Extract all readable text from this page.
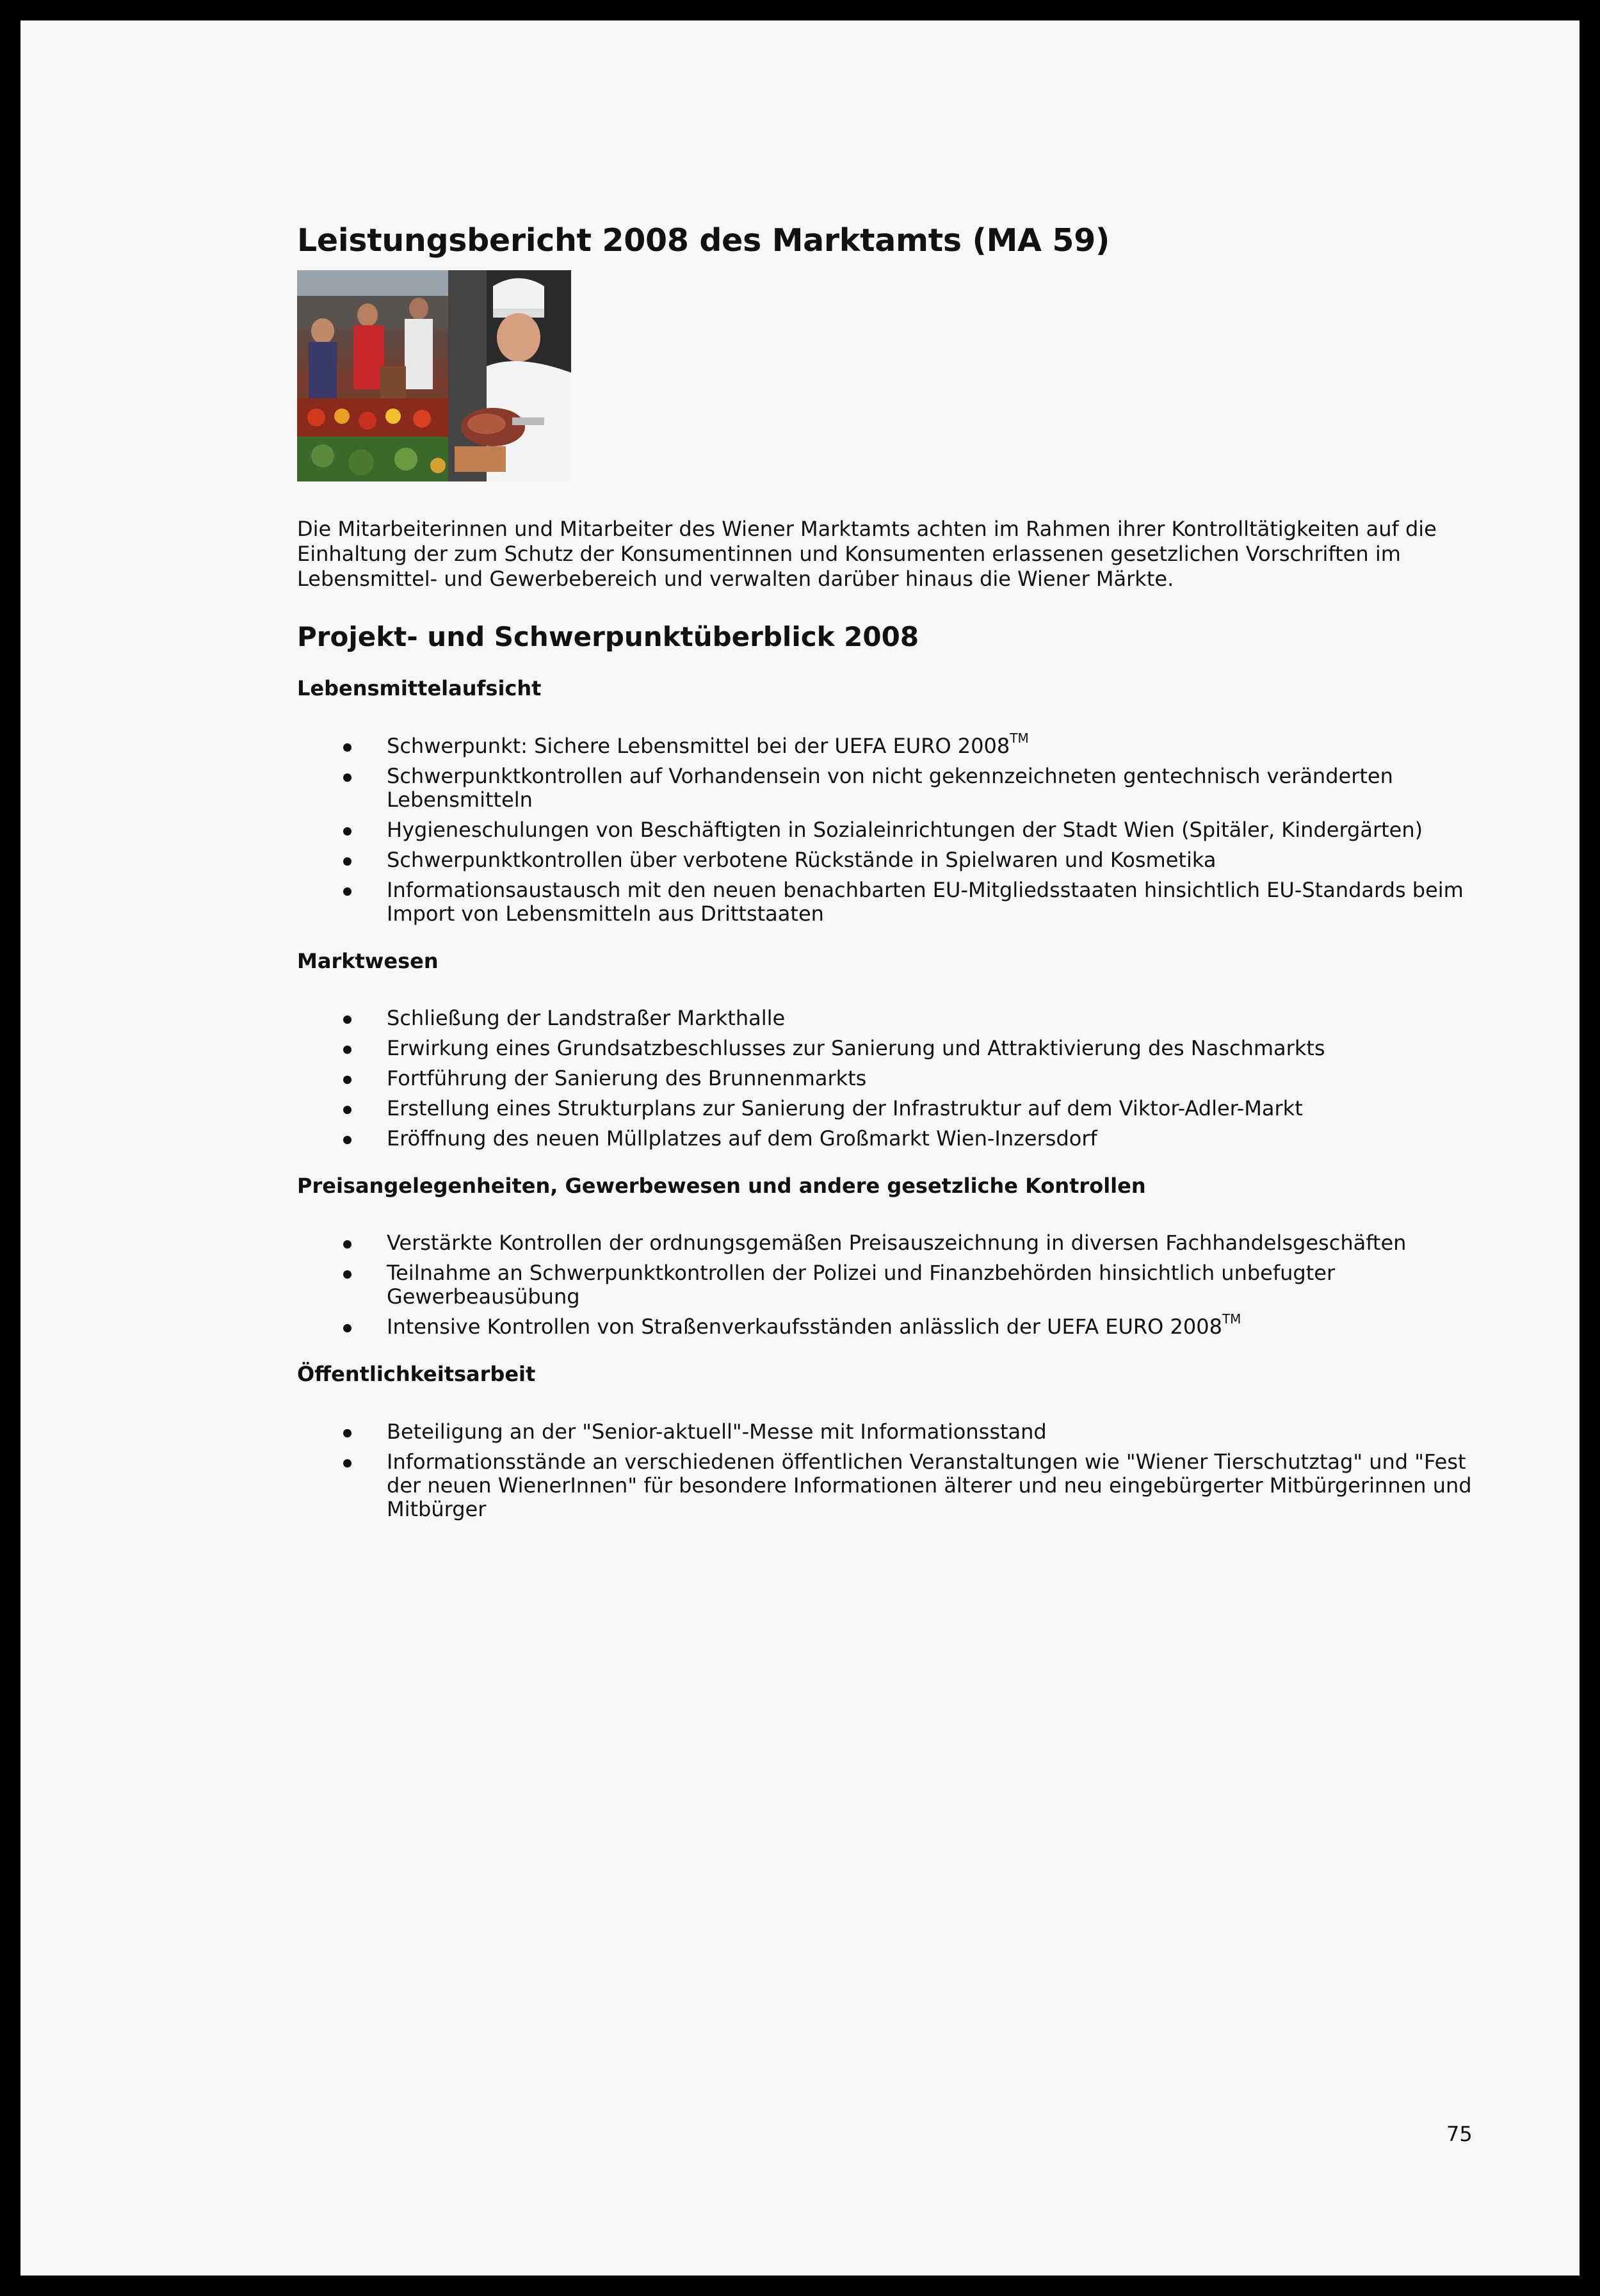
Leistungsbericht 2008 des Marktamts (MA 59)

Die Mitarbeiterinnen und Mitarbeiter des Wiener Marktamts achten im Rahmen ihrer Kontrolltätigkeiten auf die Einhaltung der zum Schutz der Konsumentinnen und Konsumenten erlassenen gesetzlichen Vorschriften im Lebensmittel- und Gewerbebereich und verwalten darüber hinaus die Wiener Märkte.

Projekt- und Schwerpunktüberblick 2008
Lebensmittelaufsicht
Schwerpunkt: Sichere Lebensmittel bei der UEFA EURO 2008™
Schwerpunktkontrollen auf Vorhandensein von nicht gekennzeichneten gentechnisch veränderten Lebensmitteln
Hygieneschulungen von Beschäftigten in Sozialeinrichtungen der Stadt Wien (Spitäler, Kindergärten)
Schwerpunktkontrollen über verbotene Rückstände in Spielwaren und Kosmetika
Informationsaustausch mit den neuen benachbarten EU-Mitgliedsstaaten hinsichtlich EU-Standards beim Import von Lebensmitteln aus Drittstaaten
Marktwesen
Schließung der Landstraßer Markthalle
Erwirkung eines Grundsatzbeschlusses zur Sanierung und Attraktivierung des Naschmarkts
Fortführung der Sanierung des Brunnenmarkts
Erstellung eines Strukturplans zur Sanierung der Infrastruktur auf dem Viktor-Adler-Markt
Eröffnung des neuen Müllplatzes auf dem Großmarkt Wien-Inzersdorf
Preisangelegenheiten, Gewerbewesen und andere gesetzliche Kontrollen
Verstärkte Kontrollen der ordnungsgemäßen Preisauszeichnung in diversen Fachhandelsgeschäften
Teilnahme an Schwerpunktkontrollen der Polizei und Finanzbehörden hinsichtlich unbefugter Gewerbeausübung
Intensive Kontrollen von Straßenverkaufsständen anlässlich der UEFA EURO 2008™
Öffentlichkeitsarbeit
Beteiligung an der "Senior-aktuell"-Messe mit Informationsstand
Informationsstände an verschiedenen öffentlichen Veranstaltungen wie "Wiener Tierschutztag" und "Fest der neuen WienerInnen" für besondere Informationen älterer und neu eingebürgerter Mitbürgerinnen und Mitbürger
75
